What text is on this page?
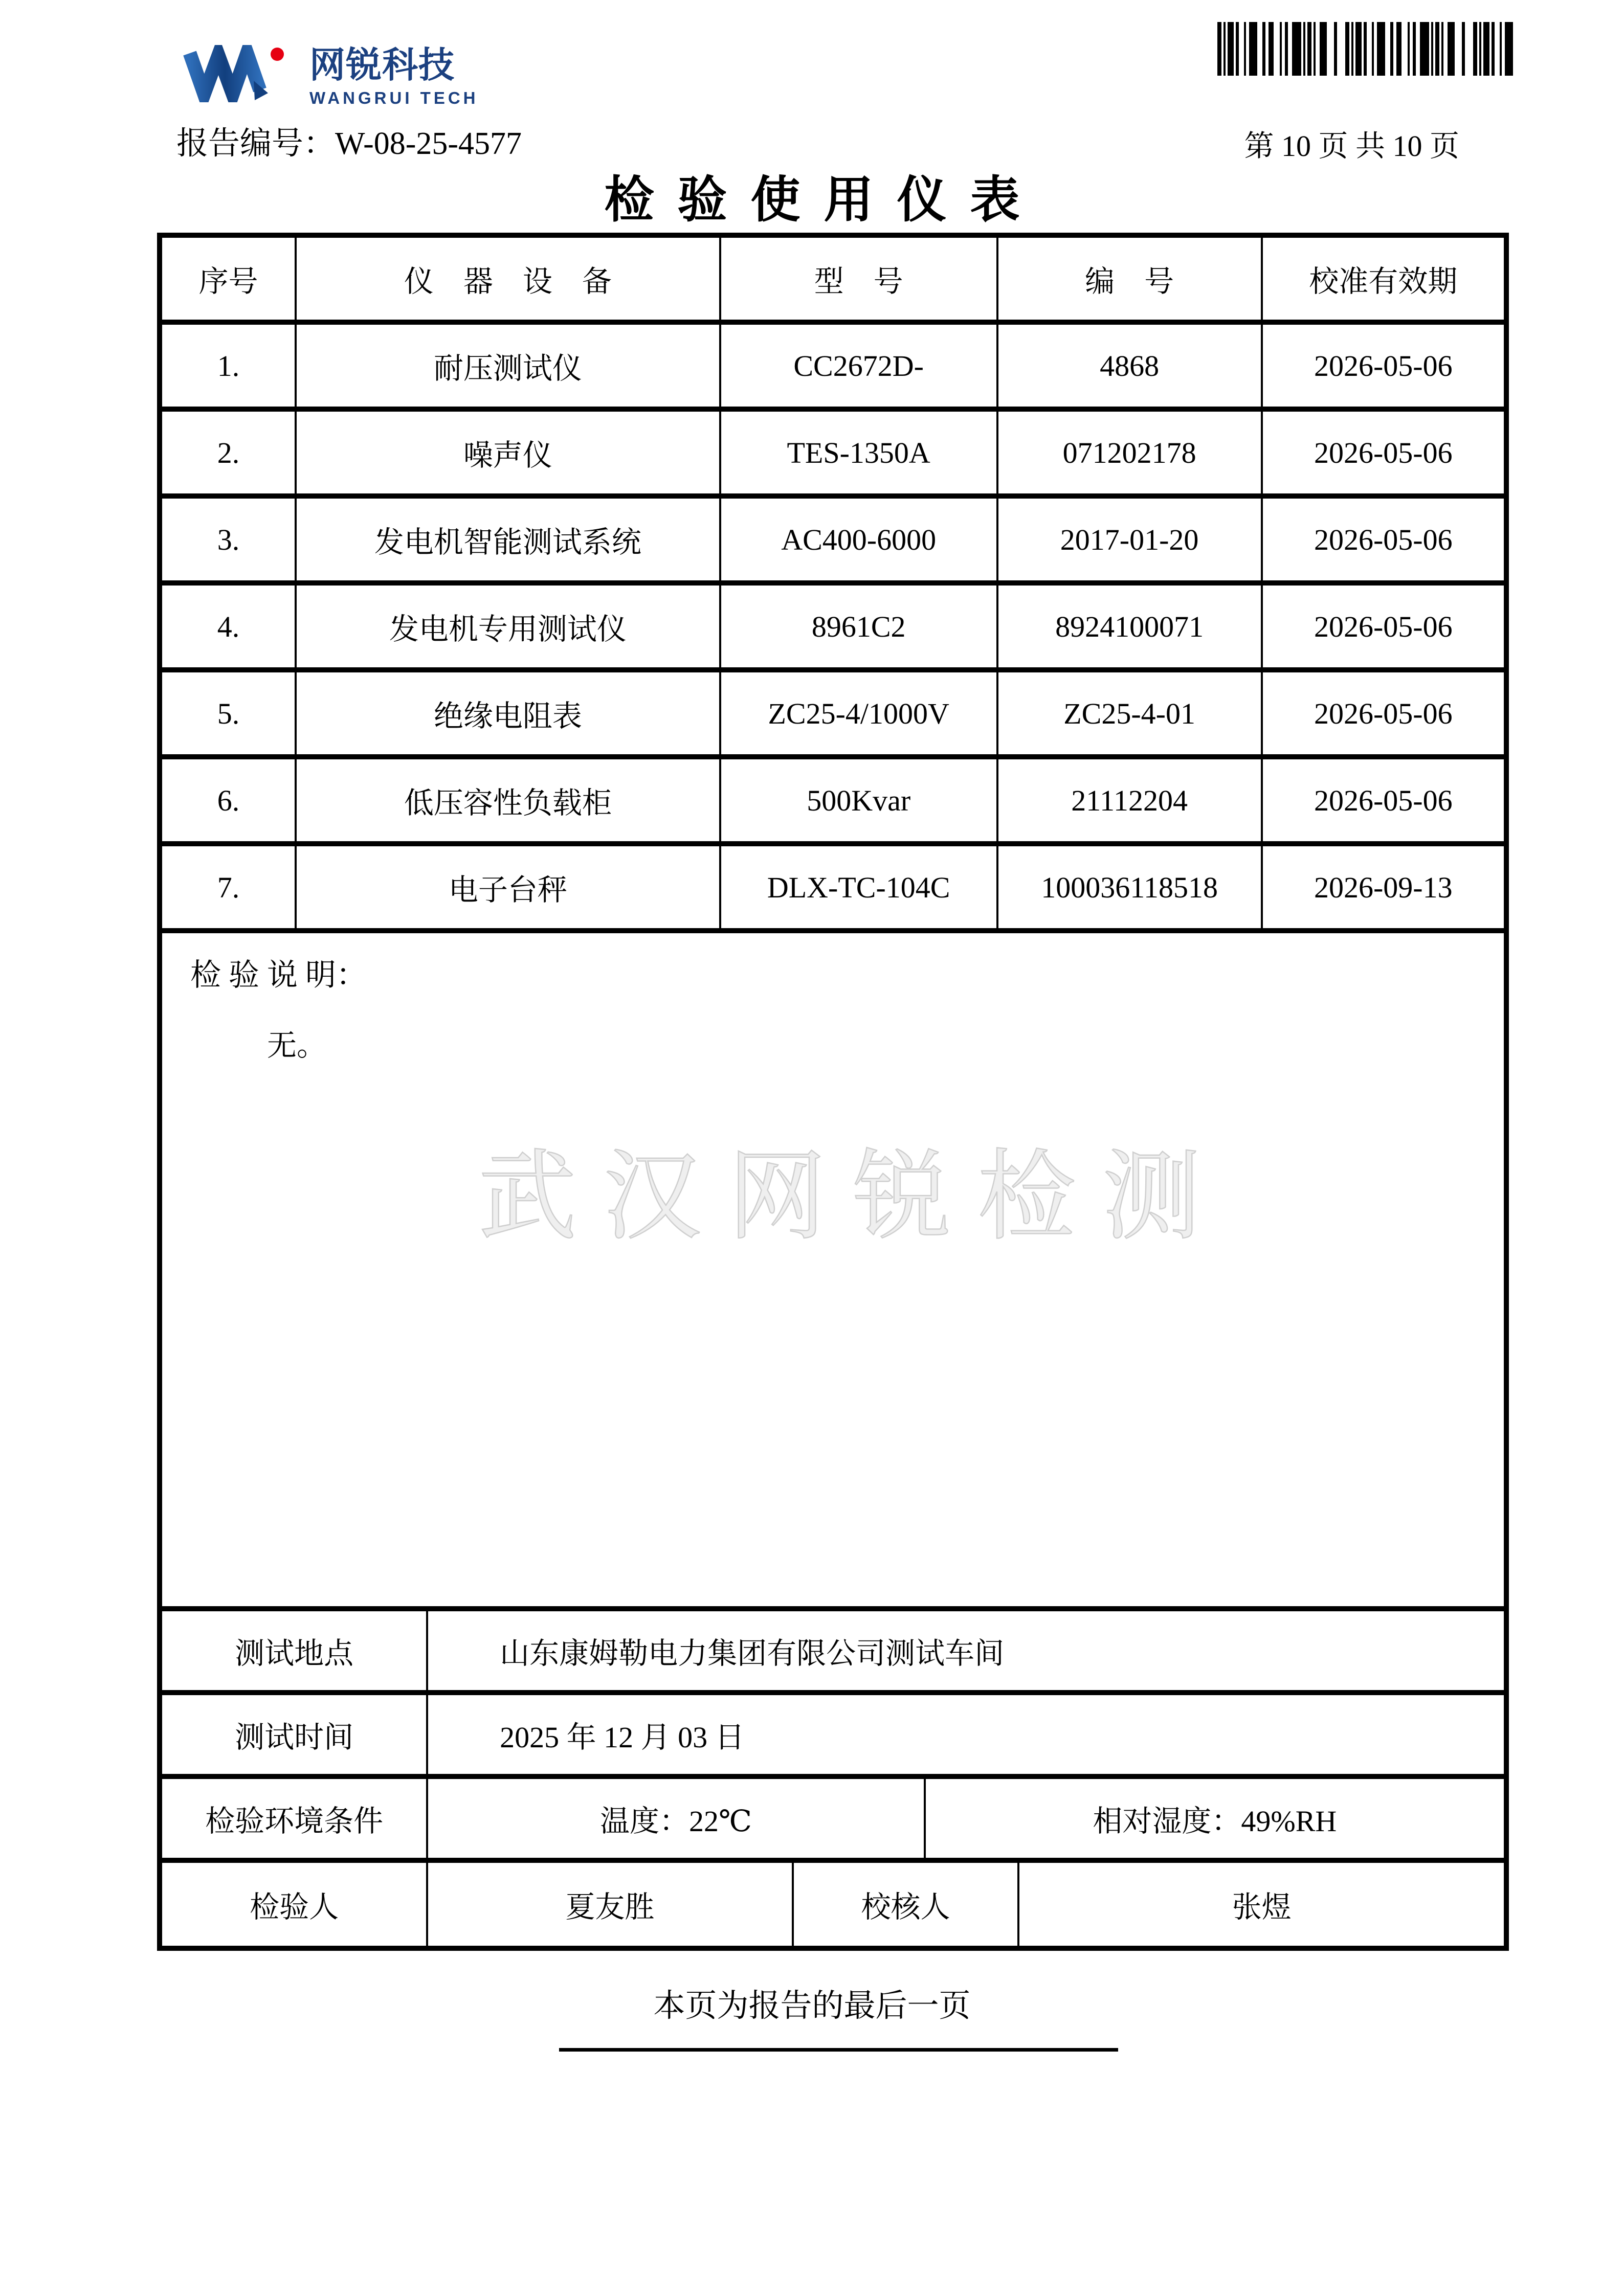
网锐科技
WANGRUI TECH
报告编号：W-08-25-4577	第 10 页 共 10 页
检验使用仪表
武汉网锐检测
序号	仪　器　设　备	型　号	编　号	校准有效期
1.	耐压测试仪	CC2672D-	4868	2026-05-06
2.	噪声仪	TES-1350A	071202178	2026-05-06
3.	发电机智能测试系统	AC400-6000	2017-01-20	2026-05-06
4.	发电机专用测试仪	8961C2	8924100071	2026-05-06
5.	绝缘电阻表	ZC25-4/1000V	ZC25-4-01	2026-05-06
6.	低压容性负载柜	500Kvar	21112204	2026-05-06
7.	电子台秤	DLX-TC-104C	100036118518	2026-09-13
检 验 说 明：
无。
测试地点	山东康姆勒电力集团有限公司测试车间
测试时间	2025 年 12 月 03 日
检验环境条件	温度：22℃	相对湿度：49%RH
检验人	夏友胜	校核人	张煜
本页为报告的最后一页
